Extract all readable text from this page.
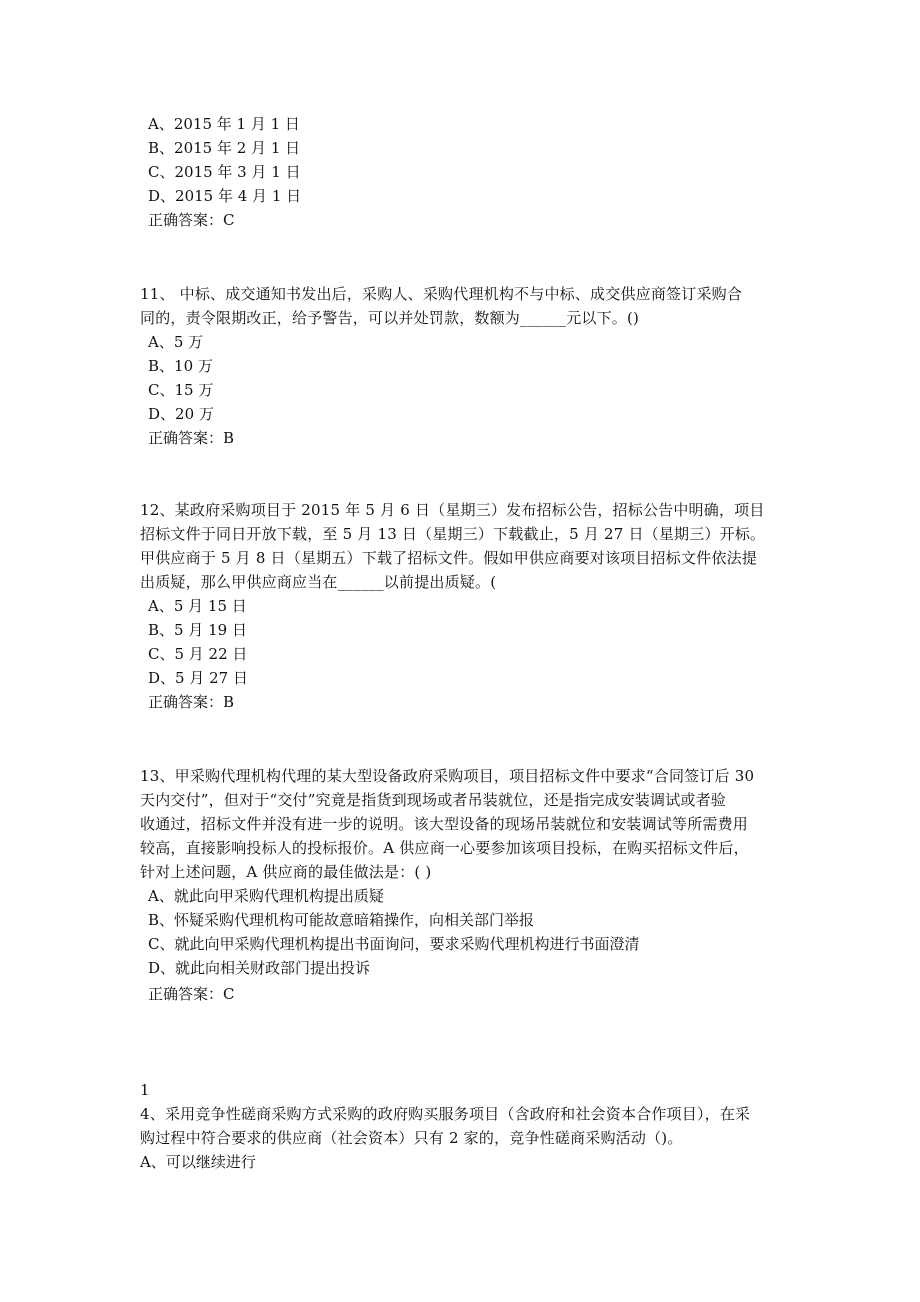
A、2015 年 1 月 1 日
B、2015 年 2 月 1 日
C、2015 年 3 月 1 日
D、2015 年 4 月 1 日
正确答案：C
11、 中标、成交通知书发出后，采购人、采购代理机构不与中标、成交供应商签订采购合
同的，责令限期改正，给予警告，可以并处罚款，数额为______元以下。()
A、5 万
B、10 万
C、15 万
D、20 万
正确答案：B
12、某政府采购项目于 2015 年 5 月 6 日（星期三）发布招标公告，招标公告中明确，项目
招标文件于同日开放下载，至 5 月 13 日（星期三）下载截止，5 月 27 日（星期三）开标。
甲供应商于 5 月 8 日（星期五）下载了招标文件。假如甲供应商要对该项目招标文件依法提
出质疑，那么甲供应商应当在______以前提出质疑。(
A、5 月 15 日
B、5 月 19 日
C、5 月 22 日
D、5 月 27 日
正确答案：B
13、甲采购代理机构代理的某大型设备政府采购项目，项目招标文件中要求“合同签订后 30
天内交付”，但对于“交付”究竟是指货到现场或者吊装就位，还是指完成安装调试或者验
收通过，招标文件并没有进一步的说明。该大型设备的现场吊装就位和安装调试等所需费用
较高，直接影响投标人的投标报价。A 供应商一心要参加该项目投标，在购买招标文件后，
针对上述问题，A 供应商的最佳做法是：( )
A、就此向甲采购代理机构提出质疑
B、怀疑采购代理机构可能故意暗箱操作，向相关部门举报
C、就此向甲采购代理机构提出书面询问，要求采购代理机构进行书面澄清
D、就此向相关财政部门提出投诉
正确答案：C
1
4、采用竞争性磋商采购方式采购的政府购买服务项目（含政府和社会资本合作项目），在采
购过程中符合要求的供应商（社会资本）只有 2 家的，竞争性磋商采购活动（)。
A、可以继续进行
